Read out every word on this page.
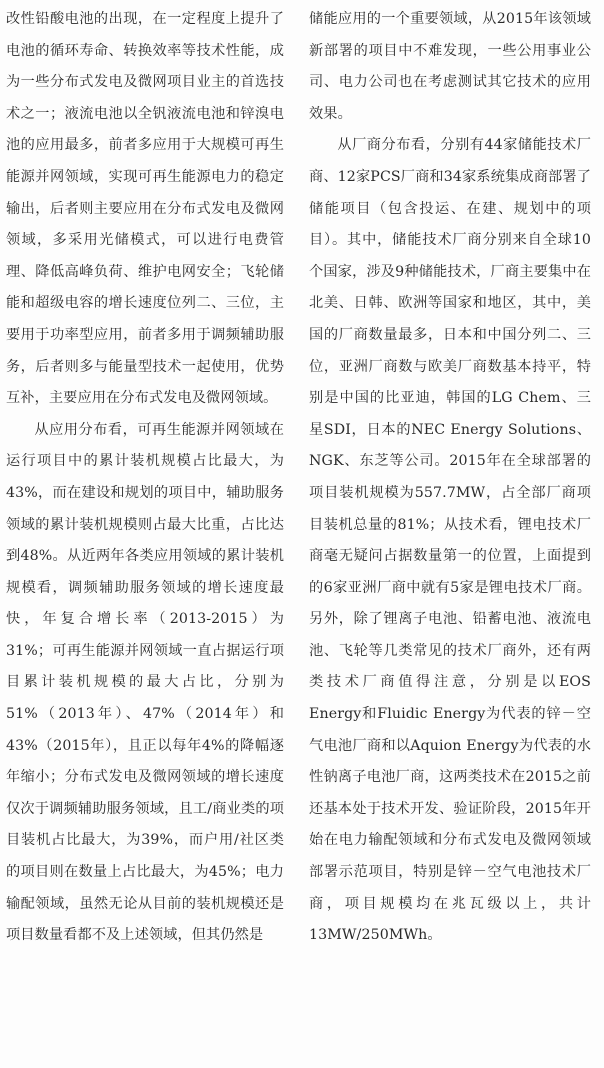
改性铅酸电池的出现，在一定程度上提升了电池的循环寿命、转换效率等技术性能，成为一些分布式发电及微网项目业主的首选技术之一；液流电池以全钒液流电池和锌溴电池的应用最多，前者多应用于大规模可再生能源并网领域，实现可再生能源电力的稳定输出，后者则主要应用在分布式发电及微网领域，多采用光储模式，可以进行电费管理、降低高峰负荷、维护电网安全；飞轮储能和超级电容的增长速度位列二、三位，主要用于功率型应用，前者多用于调频辅助服务，后者则多与能量型技术一起使用，优势互补，主要应用在分布式发电及微网领域。

从应用分布看，可再生能源并网领域在运行项目中的累计装机规模占比最大，为43%，而在建设和规划的项目中，辅助服务领域的累计装机规模则占最大比重，占比达到48%。从近两年各类应用领域的累计装机规模看，调频辅助服务领域的增长速度最快，年复合增长率（2013-2015）为31%；可再生能源并网领域一直占据运行项目累计装机规模的最大占比，分别为51%（2013年）、47%（2014年）和43%（2015年），且正以每年4%的降幅逐年缩小；分布式发电及微网领域的增长速度仅次于调频辅助服务领域，且工/商业类的项目装机占比最大，为39%，而户用/社区类的项目则在数量上占比最大，为45%；电力输配领域，虽然无论从目前的装机规模还是项目数量看都不及上述领域，但其仍然是

储能应用的一个重要领域，从2015年该领域新部署的项目中不难发现，一些公用事业公司、电力公司也在考虑测试其它技术的应用效果。

从厂商分布看，分别有44家储能技术厂商、12家PCS厂商和34家系统集成商部署了储能项目（包含投运、在建、规划中的项目）。其中，储能技术厂商分别来自全球10个国家，涉及9种储能技术，厂商主要集中在北美、日韩、欧洲等国家和地区，其中，美国的厂商数量最多，日本和中国分列二、三位，亚洲厂商数与欧美厂商数基本持平，特别是中国的比亚迪，韩国的LG Chem、三星SDI，日本的NEC Energy Solutions、NGK、东芝等公司。2015年在全球部署的项目装机规模为557.7MW，占全部厂商项目装机总量的81%；从技术看，锂电技术厂商毫无疑问占据数量第一的位置，上面提到的6家亚洲厂商中就有5家是锂电技术厂商。另外，除了锂离子电池、铅蓄电池、液流电池、飞轮等几类常见的技术厂商外，还有两类技术厂商值得注意，分别是以EOS Energy和Fluidic Energy为代表的锌－空气电池厂商和以Aquion Energy为代表的水性钠离子电池厂商，这两类技术在2015之前还基本处于技术开发、验证阶段，2015年开始在电力输配领域和分布式发电及微网领域部署示范项目，特别是锌－空气电池技术厂商，项目规模均在兆瓦级以上，共计13MW/250MWh。
